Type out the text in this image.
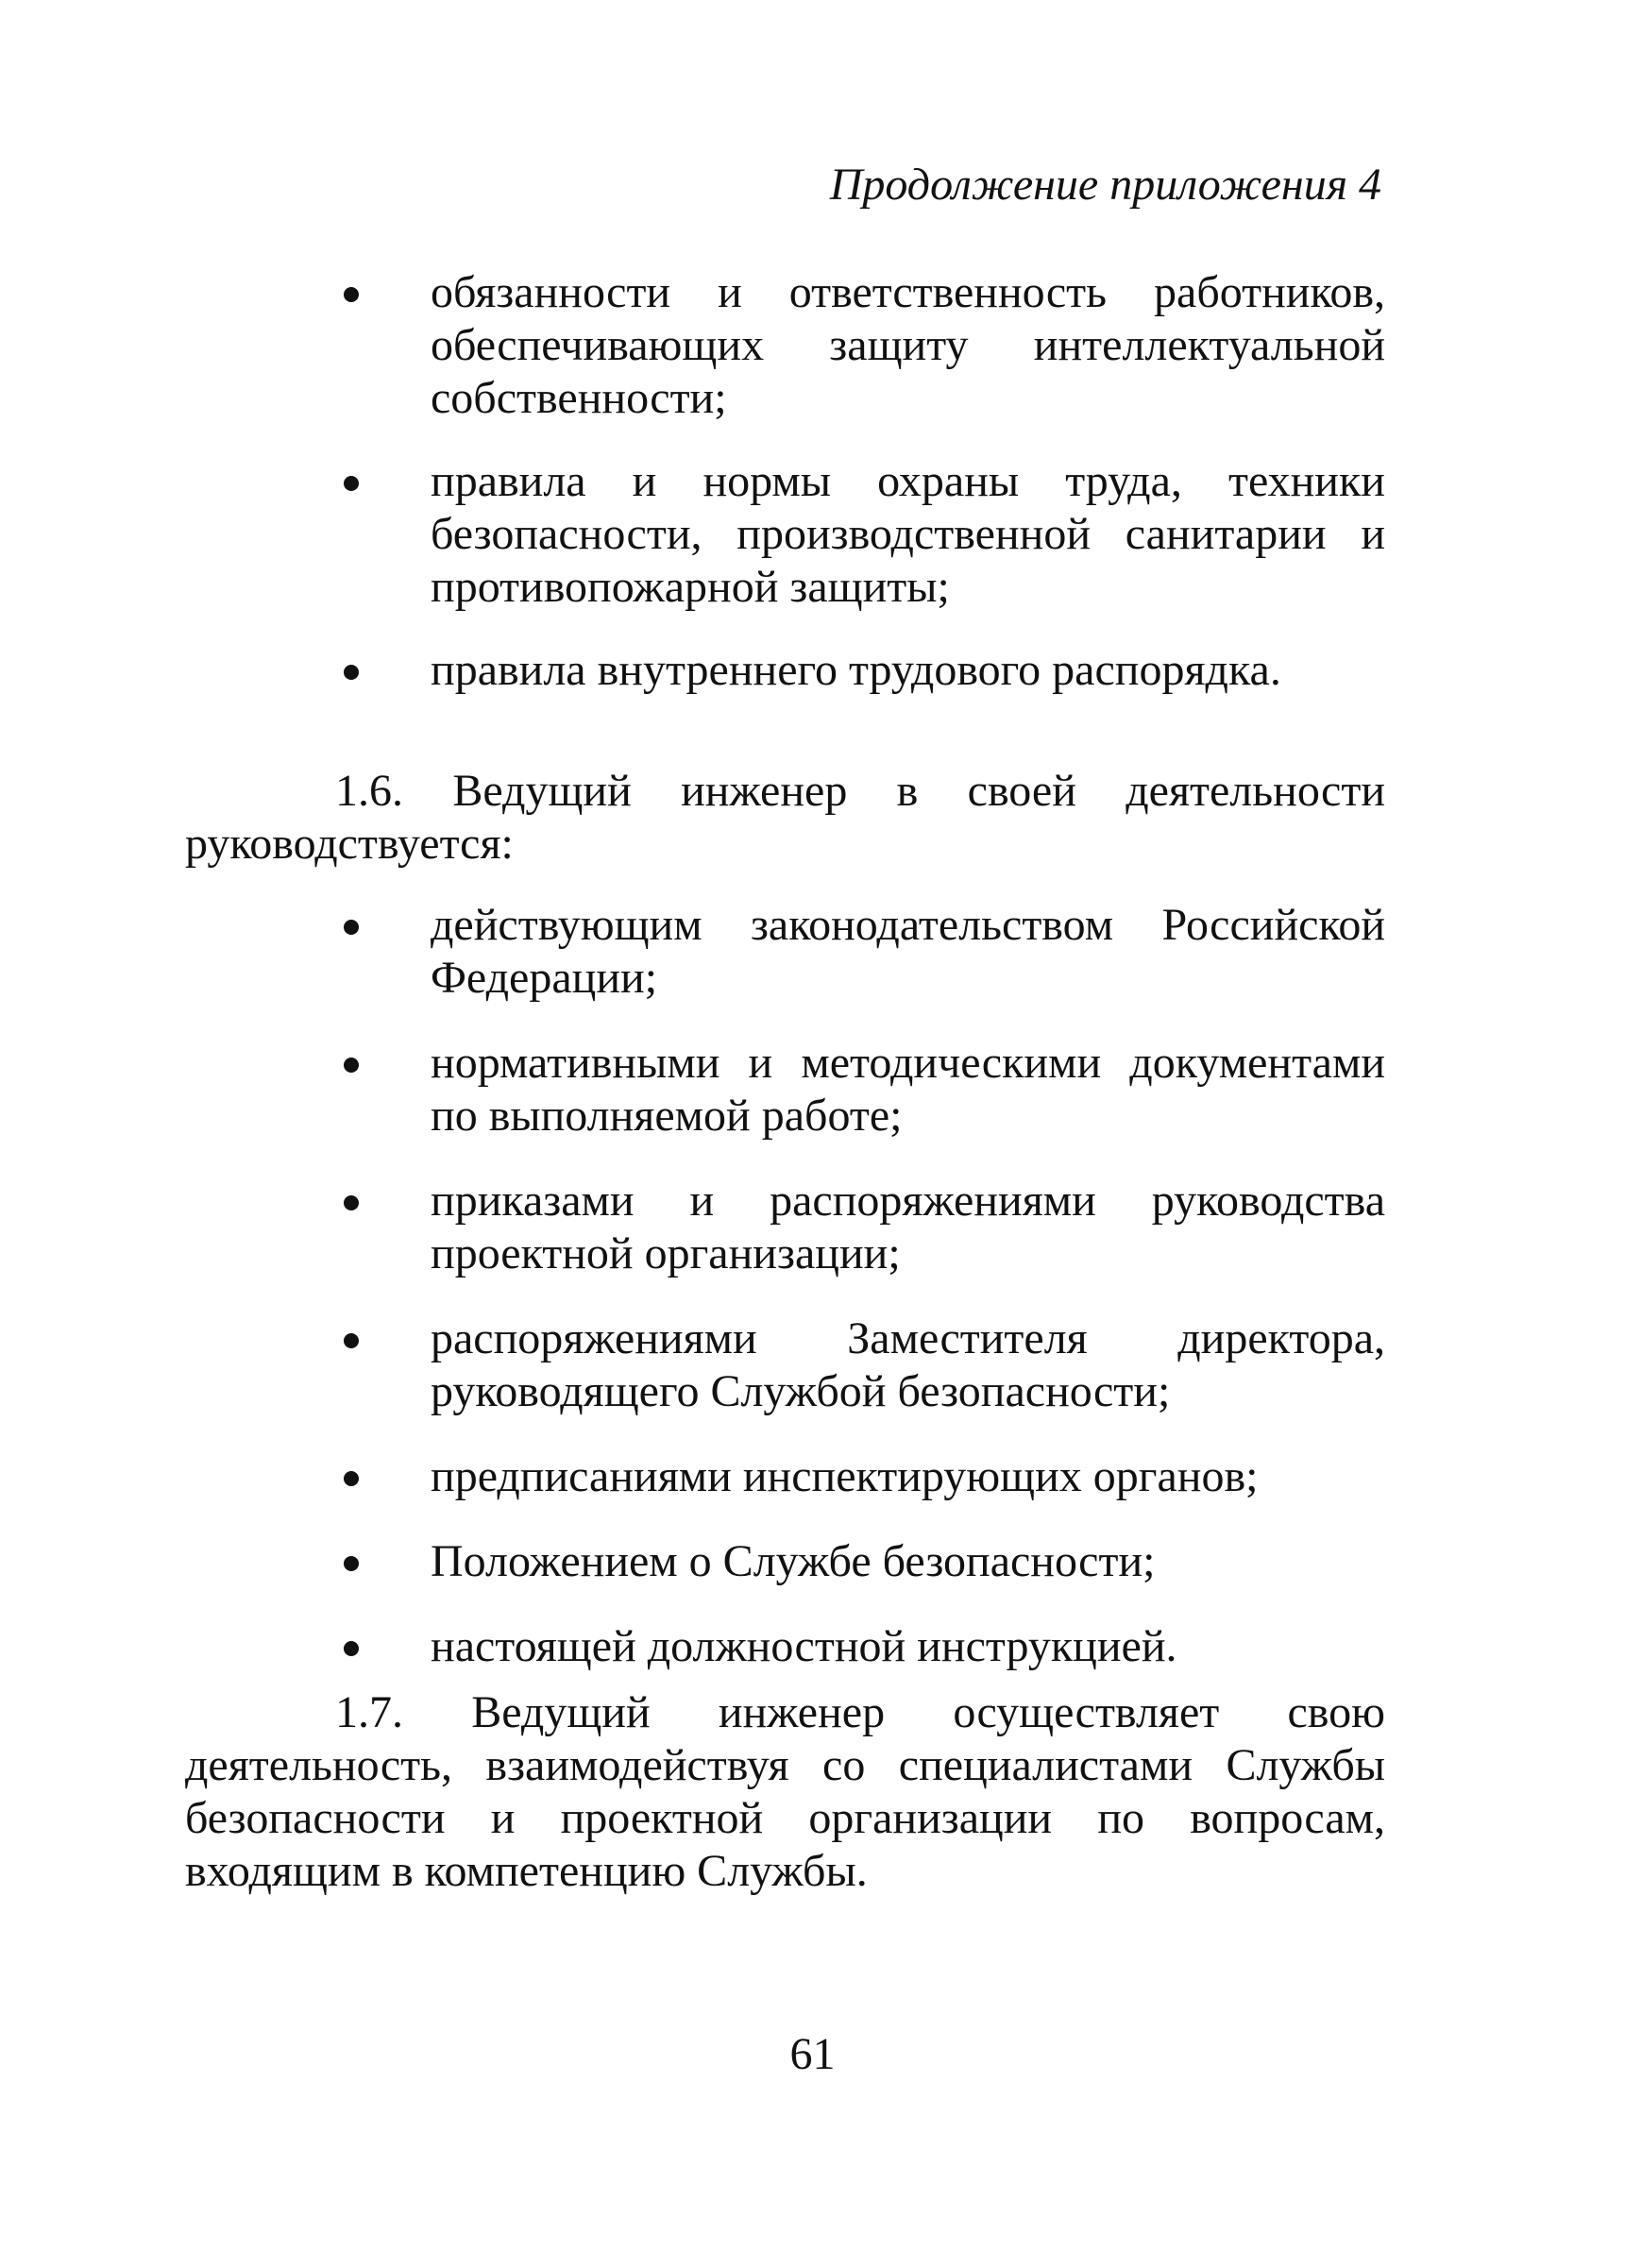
Продолжение приложения 4

обязанности и ответственность работников, обеспечивающих защиту интеллектуальной собственности;
правила и нормы охраны труда, техники безопасности, производственной санитарии и противопожарной защиты;
правила внутреннего трудового распорядка.

1.6. Ведущий инженер в своей деятельности руководствуется:

действующим законодательством Российской Федерации;
нормативными и методическими документами по выполняемой работе;
приказами и распоряжениями руководства проектной организации;
распоряжениями Заместителя директора, руководящего Службой безопасности;
предписаниями инспектирующих органов;
Положением о Службе безопасности;
настоящей должностной инструкцией.

1.7. Ведущий инженер осуществляет свою деятельность, взаимодействуя со специалистами Службы безопасности и проектной организации по вопросам, входящим в компетенцию Службы.

61
